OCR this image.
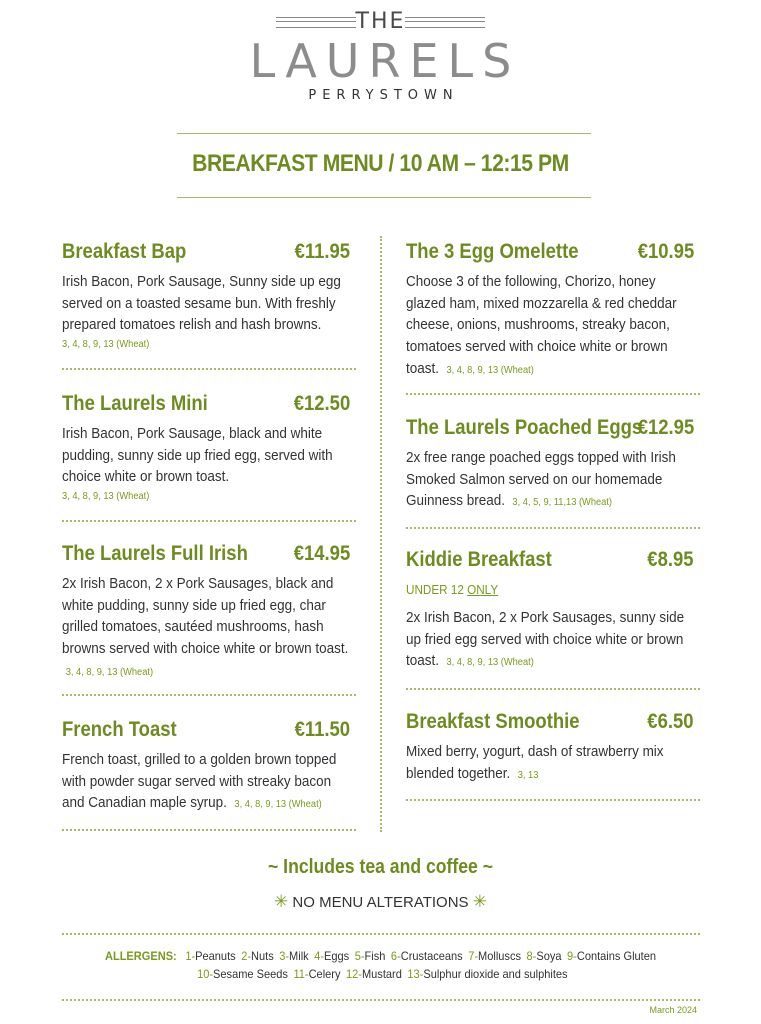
THE
LAURELS
PERRYSTOWN
BREAKFAST MENU / 10 AM – 12:15 PM
Breakfast Bap	€11.95
Irish Bacon, Pork Sausage, Sunny side up egg served on a toasted sesame bun. With freshly prepared tomatoes relish and hash browns.
3, 4, 8, 9, 13 (Wheat)
The Laurels Mini	€12.50
Irish Bacon, Pork Sausage, black and white pudding, sunny side up fried egg, served with choice white or brown toast.
3, 4, 8, 9, 13 (Wheat)
The Laurels Full Irish €14.95
2x Irish Bacon, 2 x Pork Sausages, black and white pudding, sunny side up fried egg, char grilled tomatoes, sautéed mushrooms, hash browns served with choice white or brown toast. 3, 4, 8, 9, 13 (Wheat)
French Toast	€11.50
French toast, grilled to a golden brown topped with powder sugar served with streaky bacon and Canadian maple syrup. 3, 4, 8, 9, 13 (Wheat)
The 3 Egg Omelette	€10.95
Choose 3 of the following, Chorizo, honey glazed ham, mixed mozzarella & red cheddar cheese, onions, mushrooms, streaky bacon, tomatoes served with choice white or brown toast. 3, 4, 8, 9, 13 (Wheat)
The Laurels Poached Eggs
€12.95
2x free range poached eggs topped with Irish Smoked Salmon served on our homemade Guinness bread. 3, 4, 5, 9, 11,13 (Wheat)
Kiddie Breakfast	€8.95
UNDER 12 ONLY
2x Irish Bacon, 2 x Pork Sausages, sunny side up fried egg served with choice white or brown toast. 3, 4, 8, 9, 13 (Wheat)
Breakfast Smoothie	€6.50
Mixed berry, yogurt, dash of strawberry mix blended together. 3, 13
~ Includes tea and coffee ~
✳ NO MENU ALTERATIONS ✳
ALLERGENS: 1-Peanuts 2-Nuts 3-Milk 4-Eggs 5-Fish 6-Crustaceans 7-Molluscs 8-Soya 9-Contains Gluten
10-Sesame Seeds 11-Celery 12-Mustard 13-Sulphur dioxide and sulphites
March 2024
